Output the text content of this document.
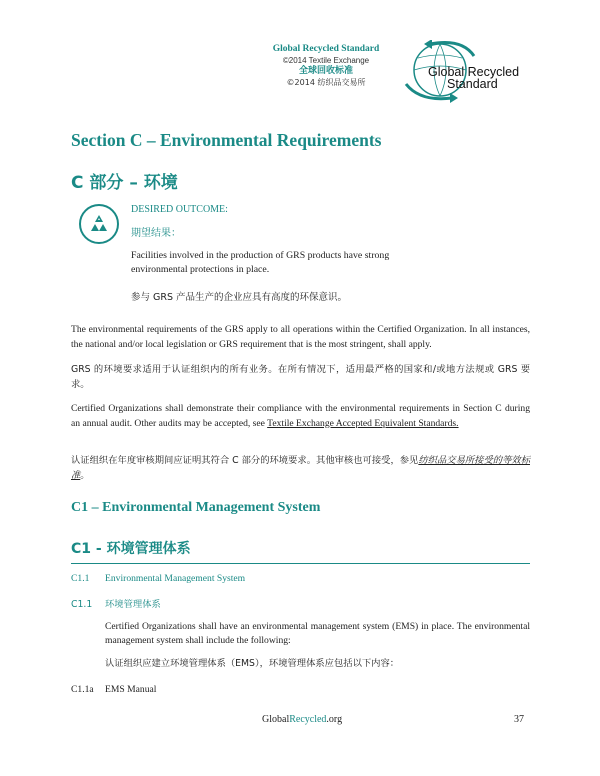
Global Recycled Standard
©2014 Textile Exchange
全球回收标准
©2014 纺织品交易所
Global Recycled
Standard
Section C – Environmental Requirements
C 部分 – 环境
DESIRED OUTCOME:
期望结果：
Facilities involved in the production of GRS products have strong environmental protections in place.
参与 GRS 产品生产的企业应具有高度的环保意识。
The environmental requirements of the GRS apply to all operations within the Certified Organization. In all instances, the national and/or local legislation or GRS requirement that is the most stringent, shall apply.
GRS 的环境要求适用于认证组织内的所有业务。在所有情况下，适用最严格的国家和/或地方法规或 GRS 要求。
Certified Organizations shall demonstrate their compliance with the environmental requirements in Section C during an annual audit. Other audits may be accepted, see Textile Exchange Accepted Equivalent Standards.
认证组织在年度审核期间应证明其符合 C 部分的环境要求。其他审核也可接受，参见纺织品交易所接受的等效标准。
C1 – Environmental Management System
C1 - 环境管理体系
C1.1 Environmental Management System
C1.1 环境管理体系
Certified Organizations shall have an environmental management system (EMS) in place. The environmental management system shall include the following:
认证组织应建立环境管理体系（EMS），环境管理体系应包括以下内容：
C1.1a EMS Manual
GlobalRecycled.org	37
